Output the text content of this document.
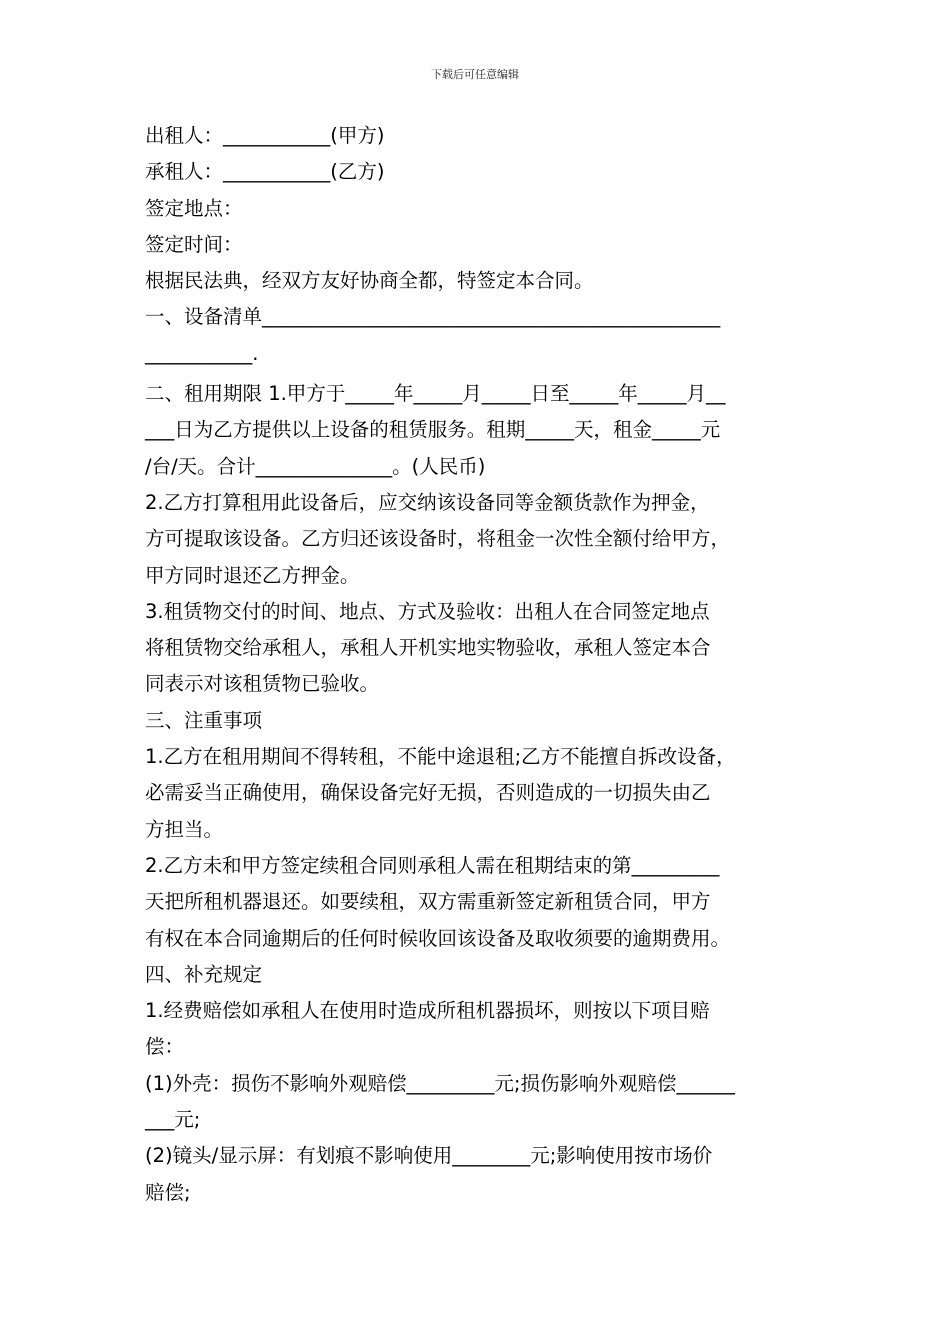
下载后可任意编辑
出租人：___________(甲方)
承租人：___________(乙方)
签定地点：
签定时间：
根据民法典，经双方友好协商全都，特签定本合同。
一、设备清单_______________________________________________
___________.
二、租用期限 1.甲方于_____年_____月_____日至_____年_____月__
___日为乙方提供以上设备的租赁服务。租期_____天，租金_____元
/台/天。合计______________。(人民币)
2.乙方打算租用此设备后，应交纳该设备同等金额货款作为押金，
方可提取该设备。乙方归还该设备时，将租金一次性全额付给甲方，
甲方同时退还乙方押金。
3.租赁物交付的时间、地点、方式及验收：出租人在合同签定地点
将租赁物交给承租人，承租人开机实地实物验收，承租人签定本合
同表示对该租赁物已验收。
三、注重事项
1.乙方在租用期间不得转租，不能中途退租;乙方不能擅自拆改设备，
必需妥当正确使用，确保设备完好无损，否则造成的一切损失由乙
方担当。
2.乙方未和甲方签定续租合同则承租人需在租期结束的第_________
天把所租机器退还。如要续租，双方需重新签定新租赁合同，甲方
有权在本合同逾期后的任何时候收回该设备及取收须要的逾期费用。
四、补充规定
1.经费赔偿如承租人在使用时造成所租机器损坏，则按以下项目赔
偿：
(1)外壳：损伤不影响外观赔偿_________元;损伤影响外观赔偿______
___元;
(2)镜头/显示屏：有划痕不影响使用________元;影响使用按市场价
赔偿;
